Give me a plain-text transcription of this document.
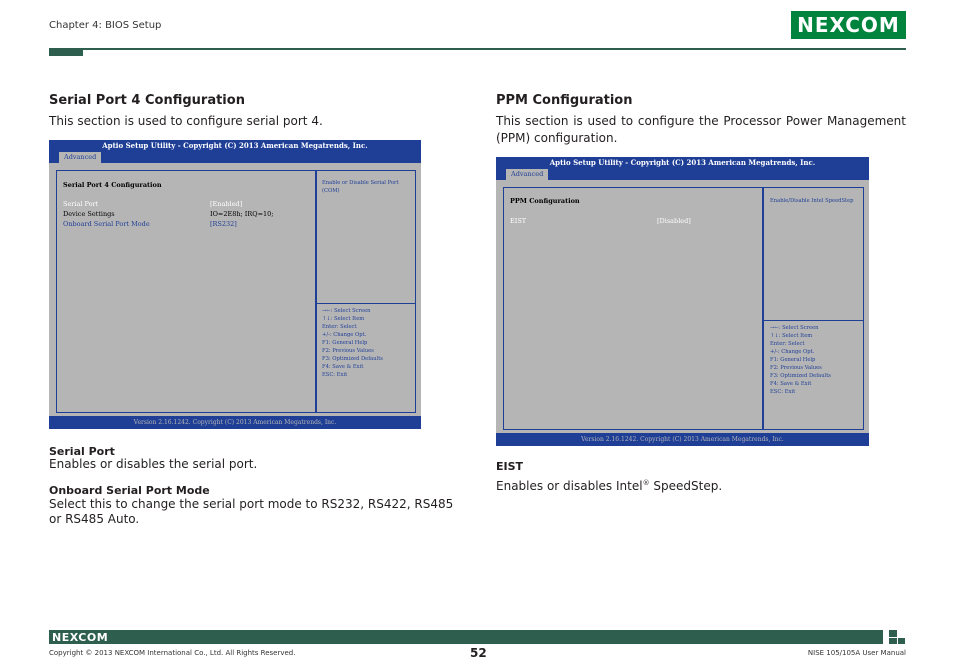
Chapter 4: BIOS Setup	NEXCOM
Serial Port 4 Configuration
This section is used to configure serial port 4.
Aptio Setup Utility - Copyright (C) 2013 American Megatrends, Inc.
Advanced
Serial Port 4 Configuration
Serial Port	[Enabled]
Device Settings	IO=2E8h; IRQ=10;
Onboard Serial Port Mode	[RS232]
Enable or Disable Serial Port (COM)
→←: Select Screen
↑↓: Select Item
Enter: Select
+/-: Change Opt.
F1: General Help
F2: Previous Values
F3: Optimized Defaults
F4: Save & Exit
ESC: Exit
Version 2.16.1242. Copyright (C) 2013 American Megatrends, Inc.
Serial Port
Enables or disables the serial port.
Onboard Serial Port Mode
Select this to change the serial port mode to RS232, RS422, RS485 or RS485 Auto.
PPM Configuration
This section is used to configure the Processor Power Management (PPM) configuration.
Aptio Setup Utility - Copyright (C) 2013 American Megatrends, Inc.
Advanced
PPM Configuration
EIST	[Disabled]
Enable/Disable Intel SpeedStep
→←: Select Screen
↑↓: Select Item
Enter: Select
+/-: Change Opt.
F1: General Help
F2: Previous Values
F3: Optimized Defaults
F4: Save & Exit
ESC: Exit
Version 2.16.1242. Copyright (C) 2013 American Megatrends, Inc.
EIST
Enables or disables Intel® SpeedStep.
NEXCOM
Copyright © 2013 NEXCOM International Co., Ltd. All Rights Reserved.	52	NISE 105/105A User Manual
